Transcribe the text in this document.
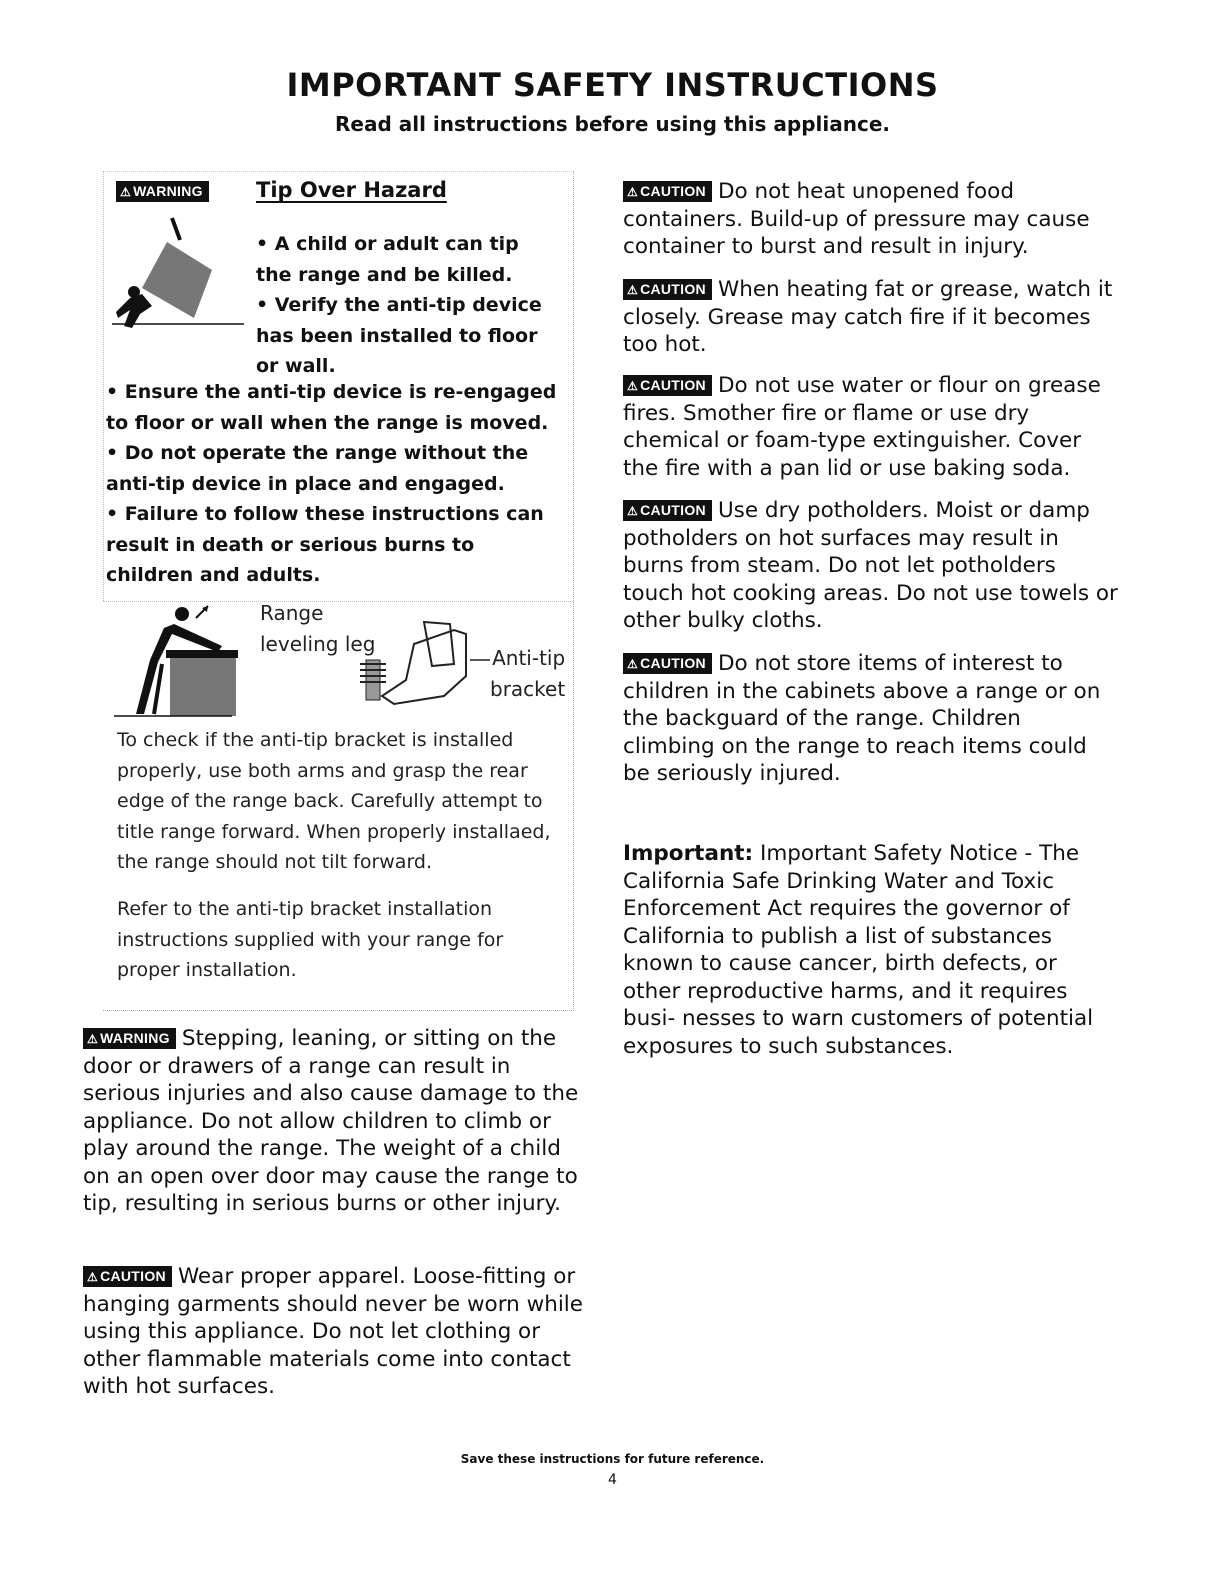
IMPORTANT SAFETY INSTRUCTIONS
Read all instructions before using this appliance.
⚠ WARNING	Tip Over Hazard
• A child or adult can tip the range and be killed.
• Verify the anti-tip device has been installed to floor or wall.
• Ensure the anti-tip device is re-engaged to floor or wall when the range is moved.
• Do not operate the range without the anti-tip device in place and engaged.
• Failure to follow these instructions can result in death or serious burns to children and adults.
Range
leveling leg
Anti-tip
bracket
To check if the anti-tip bracket is installed properly, use both arms and grasp the rear edge of the range back. Carefully attempt to title range forward. When properly installaed, the range should not tilt forward.
Refer to the anti-tip bracket installation instructions supplied with your range for proper installation.
⚠ WARNING Stepping, leaning, or sitting on the door or drawers of a range can result in serious injuries and also cause damage to the appliance. Do not allow children to climb or play around the range. The weight of a child on an open over door may cause the range to tip, resulting in serious burns or other injury.
⚠ CAUTION Wear proper apparel. Loose-fitting or hanging garments should never be worn while using this appliance. Do not let clothing or other flammable materials come into contact with hot surfaces.
⚠ CAUTION Do not heat unopened food containers. Build-up of pressure may cause container to burst and result in injury.
⚠ CAUTION When heating fat or grease, watch it closely. Grease may catch fire if it becomes too hot.
⚠ CAUTION Do not use water or flour on grease fires. Smother fire or flame or use dry chemical or foam-type extinguisher. Cover the fire with a pan lid or use baking soda.
⚠ CAUTION Use dry potholders. Moist or damp potholders on hot surfaces may result in burns from steam. Do not let potholders touch hot cooking areas. Do not use towels or other bulky cloths.
⚠ CAUTION Do not store items of interest to children in the cabinets above a range or on the backguard of the range. Children climbing on the range to reach items could be seriously injured.
Important: Important Safety Notice - The California Safe Drinking Water and Toxic Enforcement Act requires the governor of California to publish a list of substances known to cause cancer, birth defects, or other reproductive harms, and it requires busi- nesses to warn customers of potential exposures to such substances.
Save these instructions for future reference.
4
